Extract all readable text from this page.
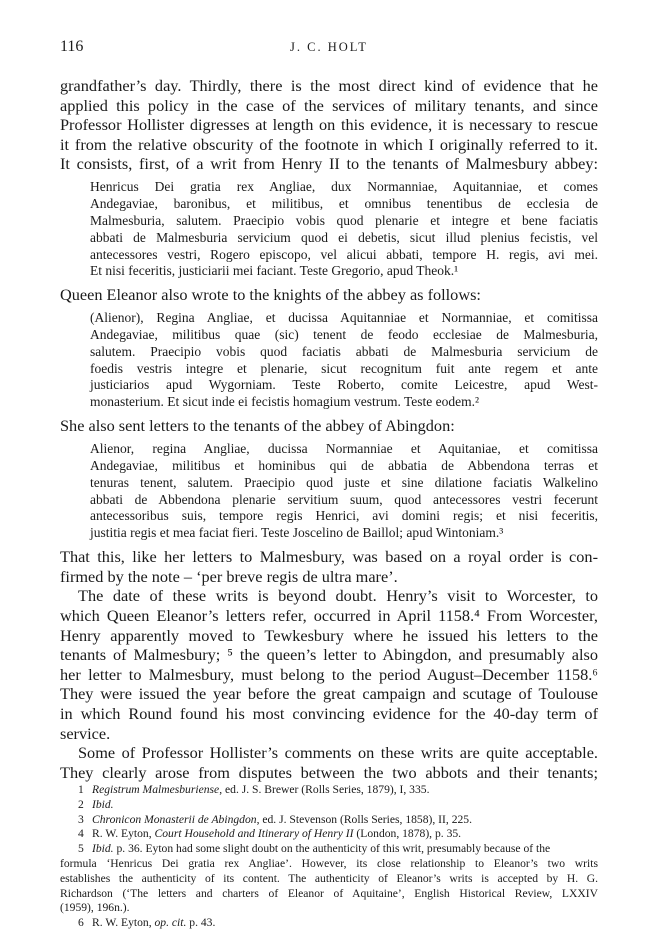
116	J. C. HOLT
grandfather’s day. Thirdly, there is the most direct kind of evidence that he
applied this policy in the case of the services of military tenants, and since
Professor Hollister digresses at length on this evidence, it is necessary to rescue
it from the relative obscurity of the footnote in which I originally referred to it.
It consists, first, of a writ from Henry II to the tenants of Malmesbury abbey:
Henricus Dei gratia rex Angliae, dux Normanniae, Aquitanniae, et comes
Andegaviae, baronibus, et militibus, et omnibus tenentibus de ecclesia de
Malmesburia, salutem. Praecipio vobis quod plenarie et integre et bene faciatis
abbati de Malmesburia servicium quod ei debetis, sicut illud plenius fecistis, vel
antecessores vestri, Rogero episcopo, vel alicui abbati, tempore H. regis, avi mei.
Et nisi feceritis, justiciarii mei faciant. Teste Gregorio, apud Theok.¹
Queen Eleanor also wrote to the knights of the abbey as follows:
(Alienor), Regina Angliae, et ducissa Aquitanniae et Normanniae, et comitissa
Andegaviae, militibus quae (sic) tenent de feodo ecclesiae de Malmesburia,
salutem. Praecipio vobis quod faciatis abbati de Malmesburia servicium de
foedis vestris integre et plenarie, sicut recognitum fuit ante regem et ante
justiciarios apud Wygorniam. Teste Roberto, comite Leicestre, apud West-
monasterium. Et sicut inde ei fecistis homagium vestrum. Teste eodem.²
She also sent letters to the tenants of the abbey of Abingdon:
Alienor, regina Angliae, ducissa Normanniae et Aquitaniae, et comitissa
Andegaviae, militibus et hominibus qui de abbatia de Abbendona terras et
tenuras tenent, salutem. Praecipio quod juste et sine dilatione faciatis Walkelino
abbati de Abbendona plenarie servitium suum, quod antecessores vestri fecerunt
antecessoribus suis, tempore regis Henrici, avi domini regis; et nisi feceritis,
justitia regis et mea faciat fieri. Teste Joscelino de Baillol; apud Wintoniam.³
That this, like her letters to Malmesbury, was based on a royal order is con-
firmed by the note – ‘per breve regis de ultra mare’.
The date of these writs is beyond doubt. Henry’s visit to Worcester, to
which Queen Eleanor’s letters refer, occurred in April 1158.⁴ From Worcester,
Henry apparently moved to Tewkesbury where he issued his letters to the
tenants of Malmesbury; ⁵ the queen’s letter to Abingdon, and presumably also
her letter to Malmesbury, must belong to the period August–December 1158.⁶
They were issued the year before the great campaign and scutage of Toulouse
in which Round found his most convincing evidence for the 40-day term of
service.
Some of Professor Hollister’s comments on these writs are quite acceptable.
They clearly arose from disputes between the two abbots and their tenants;
1 Registrum Malmesburiense, ed. J. S. Brewer (Rolls Series, 1879), I, 335.
2 Ibid.
3 Chronicon Monasterii de Abingdon, ed. J. Stevenson (Rolls Series, 1858), II, 225.
4 R. W. Eyton, Court Household and Itinerary of Henry II (London, 1878), p. 35.
5 Ibid. p. 36. Eyton had some slight doubt on the authenticity of this writ, presumably because of the
formula ‘Henricus Dei gratia rex Angliae’. However, its close relationship to Eleanor’s two writs
establishes the authenticity of its content. The authenticity of Eleanor’s writs is accepted by H. G.
Richardson (‘The letters and charters of Eleanor of Aquitaine’, English Historical Review, LXXIV
(1959), 196n.).
6 R. W. Eyton, op. cit. p. 43.
